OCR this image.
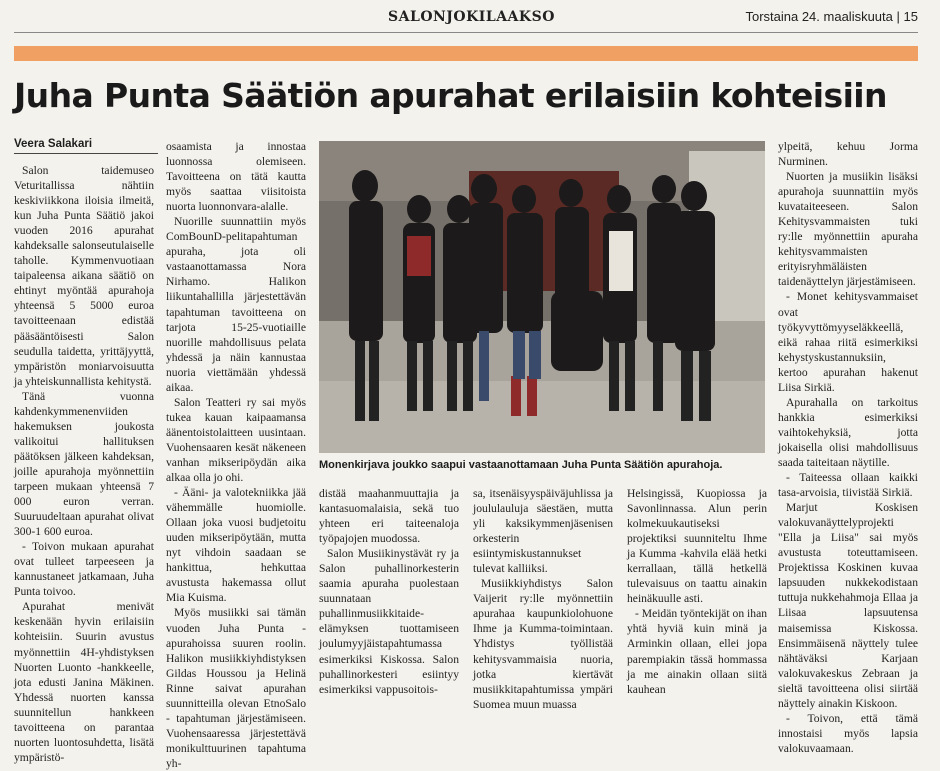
SALONJOKILAAKSO	Torstaina 24. maaliskuuta | 15
Juha Punta Säätiön apurahat erilaisiin kohteisiin
Veera Salakari

Salon taidemuseo Veturitallissa nähtiin keskiviikkona iloisia ilmeitä, kun Juha Punta Säätiö jakoi vuoden 2016 apurahat kahdeksalle salonseutulaiselle taholle. Kymmenvuotiaan taipaleensa aikana säätiö on ehtinyt myöntää apurahoja yhteensä 5 5000 euroa tavoitteenaan edistää pääsääntöisesti Salon seudulla taidetta, yrittäjyyttä, ympäristön moniarvoisuutta ja yhteiskunnallista kehitystä.

Tänä vuonna kahdenkymmenenviiden hakemuksen joukosta valikoitui hallituksen päätöksen jälkeen kahdeksan, joille apurahoja myönnettiin tarpeen mukaan yhteensä 7 000 euron verran. Suuruudeltaan apurahat olivat 300-1 600 euroa.

- Toivon mukaan apurahat ovat tulleet tarpeeseen ja kannustaneet jatkamaan, Juha Punta toivoo.

Apurahat menivät keskenään hyvin erilaisiin kohteisiin. Suurin avustus myönnettiin 4H-yhdistyksen Nuorten Luonto -hankkeelle, jota edusti Janina Mäkinen. Yhdessä nuorten kanssa suunnitellun hankkeen tavoitteena on parantaa nuorten luontosuhdetta, lisätä ympäristö-

osaamista ja innostaa luonnossa olemiseen. Tavoitteena on tätä kautta myös saattaa viisitoista nuorta luonnonvara-alalle.

Nuorille suunnattiin myös ComBounD-pelitapahtuman apuraha, jota oli vastaanottamassa Nora Nirhamo. Halikon liikuntahallilla järjestettävän tapahtuman tavoitteena on tarjota 15-25-vuotiaille nuorille mahdollisuus pelata yhdessä ja näin kannustaa nuoria viettämään yhdessä aikaa.

Salon Teatteri ry sai myös tukea kauan kaipaamansa äänentoistolaitteen uusintaan. Vuohensaaren kesät näkeneen vanhan mikseripöydän aika alkaa olla jo ohi.

- Ääni- ja valotekniikka jää vähemmälle huomiolle. Ollaan joka vuosi budjetoitu uuden mikseripöytään, mutta nyt vihdoin saadaan se hankittua, hehkuttaa avustusta hakemassa ollut Mia Kuisma.

Myös musiikki sai tämän vuoden Juha Punta -apurahoissa suuren roolin. Halikon musiikkiyhdistyksen Gildas Houssou ja Helinä Rinne saivat apurahan suunnitteilla olevan EtnoSalo - tapahtuman järjestämiseen. Vuohensaaressa järjestettävä monikulttuurinen tapahtuma yh-

Monenkirjava joukko saapui vastaanottamaan Juha Punta Säätiön apurahoja.

ylpeitä, kehuu Jorma Nurminen.

Nuorten ja musiikin lisäksi apurahoja suunnattiin myös kuvataiteeseen. Salon Kehitysvammaisten tuki ry:lle myönnettiin apuraha kehitysvammaisten erityisryhmäläisten taidenäyttelyn järjestämiseen.

- Monet kehitysvammaiset ovat työkyvyttömyyseläkkeellä, eikä rahaa riitä esimerkiksi kehystyskustannuksiin, kertoo apurahan hakenut Liisa Sirkiä.

Apurahalla on tarkoitus hankkia esimerkiksi vaihtokehyksiä, jotta jokaisella olisi mahdollisuus saada taiteitaan näytille.

- Taiteessa ollaan kaikki tasa-arvoisia, tiivistää Sirkiä.

Marjut Koskisen valokuvanäyttelyprojekti "Ella ja Liisa" sai myös avustusta toteuttamiseen. Projektissa Koskinen kuvaa lapsuuden nukkekodistaan tuttuja nukkehahmoja Ellaa ja Liisaa lapsuutensa maisemissa Kiskossa. Ensimmäisenä näyttely tulee nähtäväksi Karjaan valokuvakeskus Zebraan ja sieltä tavoitteena olisi siirtää näyttely ainakin Kiskoon.

- Toivon, että tämä innostaisi myös lapsia valokuvaamaan.

distää maahanmuuttajia ja kantasuomalaisia, sekä tuo yhteen eri taiteenaloja työpajojen muodossa.

Salon Musiikinystävät ry ja Salon puhallinorkesterin saamia apuraha puolestaan suunnataan puhallinmusiikkitaide-elämyksen tuottamiseen joulumyyjäistapahtumassa esimerkiksi Kiskossa. Salon puhallinorkesteri esiintyy esimerkiksi vappusoitois-

sa, itsenäisyyspäiväjuhlissa ja joululauluja säestäen, mutta yli kaksikymmenjäsenisen orkesterin esiintymiskustannukset tulevat kalliiksi.

Musiikkiyhdistys Salon Vaijerit ry:lle myönnettiin apurahaa kaupunkiolohuone Ihme ja Kumma-toimintaan. Yhdistys työllistää kehitysvammaisia nuoria, jotka kiertävät musiikkitapahtumissa ympäri Suomea muun muassa

Helsingissä, Kuopiossa ja Savonlinnassa. Alun perin kolmekuukautiseksi projektiksi suunniteltu Ihme ja Kumma -kahvila elää hetki kerrallaan, tällä hetkellä tulevaisuus on taattu ainakin heinäkuulle asti.

- Meidän työntekijät on ihan yhtä hyviä kuin minä ja Arminkin ollaan, ellei jopa parempiakin tässä hommassa ja me ainakin ollaan siitä kauhean
